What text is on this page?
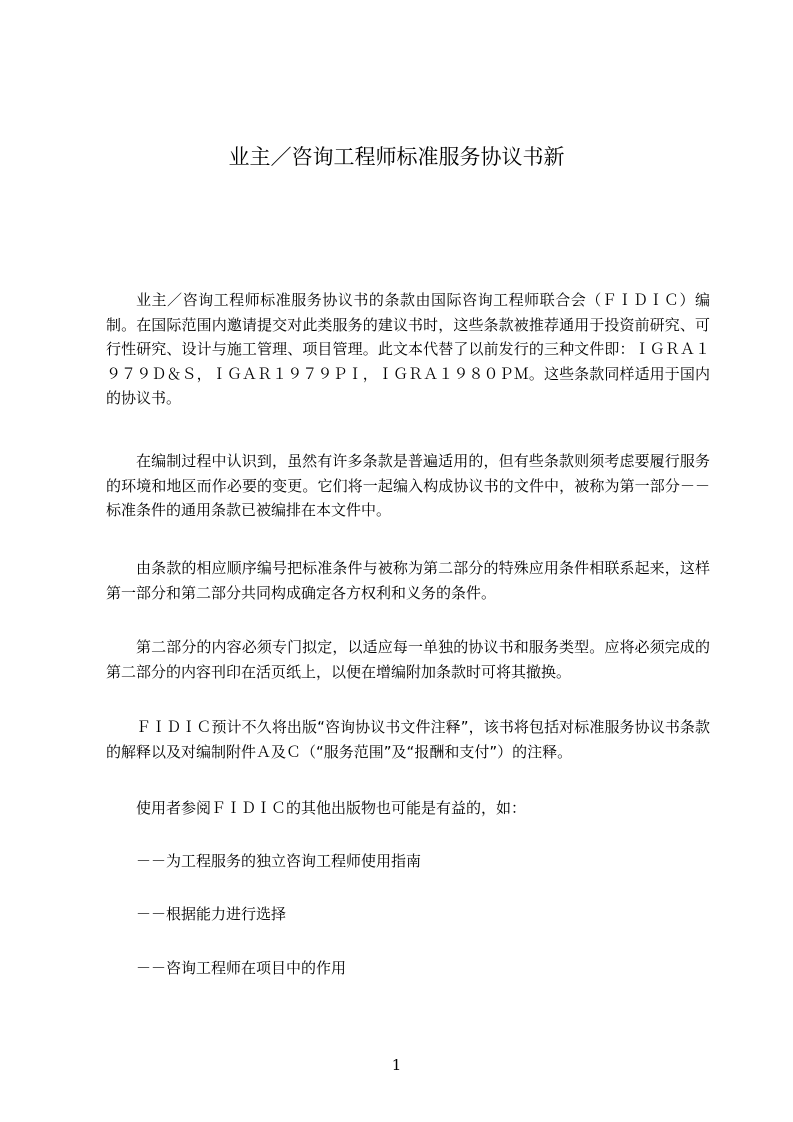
业主／咨询工程师标准服务协议书新

业主／咨询工程师标准服务协议书的条款由国际咨询工程师联合会（ＦＩＤＩＣ）编制。在国际范围内邀请提交对此类服务的建议书时，这些条款被推荐通用于投资前研究、可行性研究、设计与施工管理、项目管理。此文本代替了以前发行的三种文件即：ＩＧＲＡ１９７９Ｄ＆Ｓ，ＩＧＡＲ１９７９ＰＩ，ＩＧＲＡ１９８０ＰＭ。这些条款同样适用于国内的协议书。

在编制过程中认识到，虽然有许多条款是普遍适用的，但有些条款则须考虑要履行服务的环境和地区而作必要的变更。它们将一起编入构成协议书的文件中，被称为第一部分－－标准条件的通用条款已被编排在本文件中。

由条款的相应顺序编号把标准条件与被称为第二部分的特殊应用条件相联系起来，这样第一部分和第二部分共同构成确定各方权利和义务的条件。

第二部分的内容必须专门拟定，以适应每一单独的协议书和服务类型。应将必须完成的第二部分的内容刊印在活页纸上，以便在增编附加条款时可将其撤换。

ＦＩＤＩＣ预计不久将出版“咨询协议书文件注释”，该书将包括对标准服务协议书条款的解释以及对编制附件Ａ及Ｃ（“服务范围”及“报酬和支付”）的注释。

使用者参阅ＦＩＤＩＣ的其他出版物也可能是有益的，如：

－－为工程服务的独立咨询工程师使用指南

－－根据能力进行选择

－－咨询工程师在项目中的作用

1
